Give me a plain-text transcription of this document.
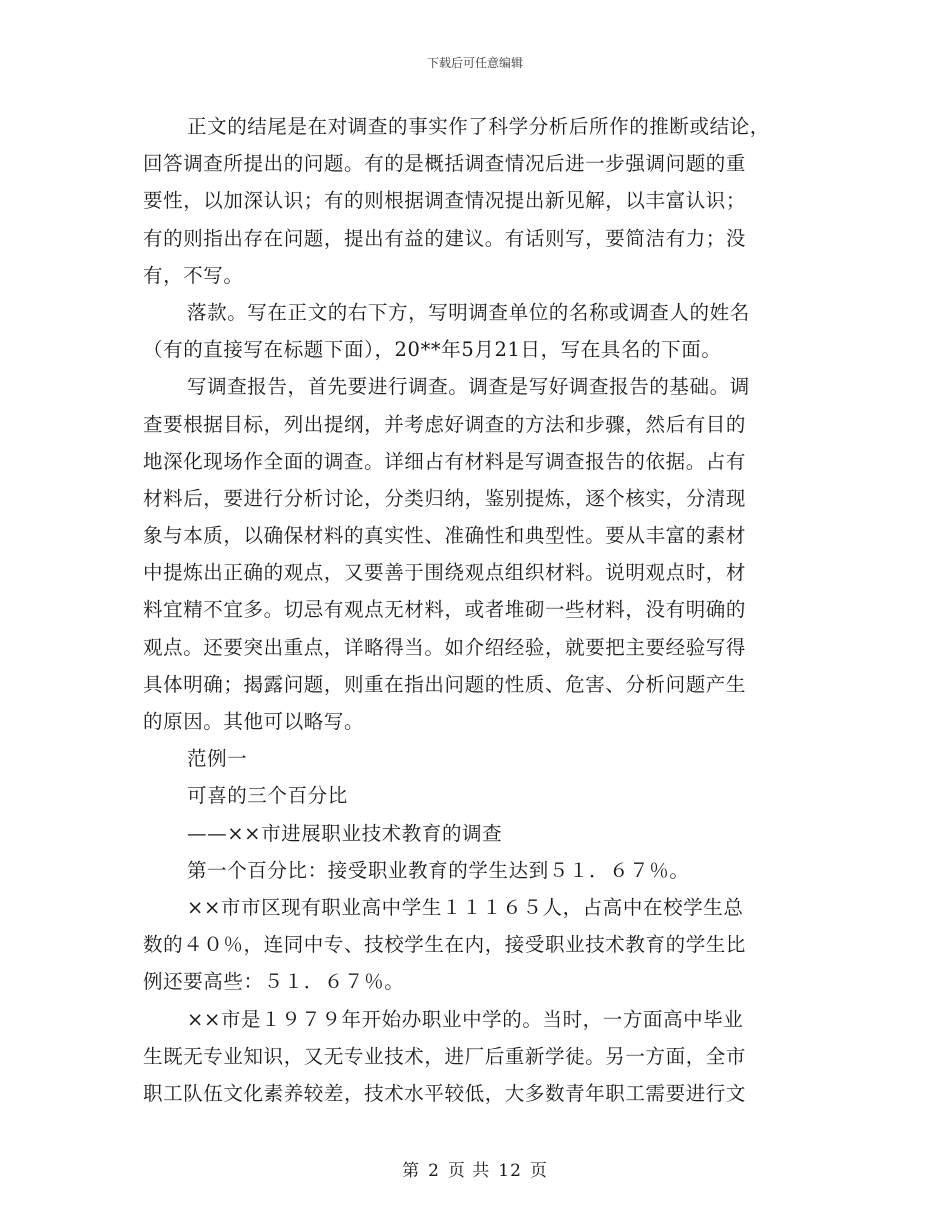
下载后可任意编辑
正文的结尾是在对调查的事实作了科学分析后所作的推断或结论，
回答调查所提出的问题。有的是概括调查情况后进一步强调问题的重
要性，以加深认识；有的则根据调查情况提出新见解，以丰富认识；
有的则指出存在问题，提出有益的建议。有话则写，要简洁有力；没
有，不写。
落款。写在正文的右下方，写明调查单位的名称或调查人的姓名
（有的直接写在标题下面），20**年5月21日，写在具名的下面。
写调查报告，首先要进行调查。调查是写好调查报告的基础。调
查要根据目标，列出提纲，并考虑好调查的方法和步骤，然后有目的
地深化现场作全面的调查。详细占有材料是写调查报告的依据。占有
材料后，要进行分析讨论，分类归纳，鉴别提炼，逐个核实，分清现
象与本质，以确保材料的真实性、准确性和典型性。要从丰富的素材
中提炼出正确的观点，又要善于围绕观点组织材料。说明观点时，材
料宜精不宜多。切忌有观点无材料，或者堆砌一些材料，没有明确的
观点。还要突出重点，详略得当。如介绍经验，就要把主要经验写得
具体明确；揭露问题，则重在指出问题的性质、危害、分析问题产生
的原因。其他可以略写。
范例一
可喜的三个百分比
——××市进展职业技术教育的调查
第一个百分比：接受职业教育的学生达到５１．６７％。
××市市区现有职业高中学生１１１６５人，占高中在校学生总
数的４０％，连同中专、技校学生在内，接受职业技术教育的学生比
例还要高些：５１．６７％。
××市是１９７９年开始办职业中学的。当时，一方面高中毕业
生既无专业知识，又无专业技术，进厂后重新学徒。另一方面，全市
职工队伍文化素养较差，技术水平较低，大多数青年职工需要进行文
第 2 页 共 12 页
